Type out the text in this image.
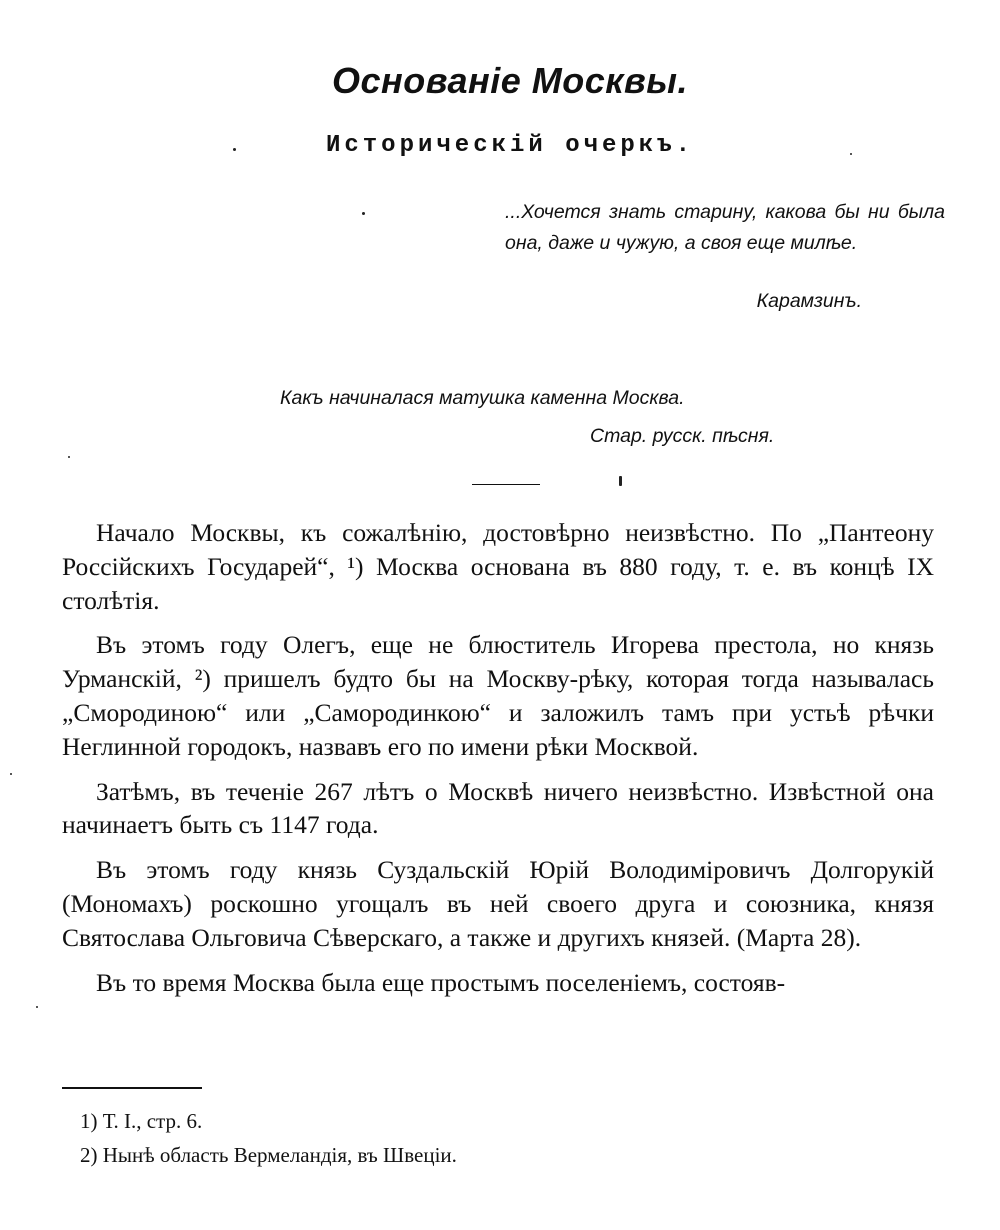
Основаніе Москвы.
Историческій очеркъ.
...Хочется знать старину, какова бы ни была она, даже и чужую, а своя еще милѣе.
Карамзинъ.
Какъ начиналася матушка каменна Москва.
Стар. русск. пѣсня.

Начало Москвы, къ сожалѣнію, достовѣрно неизвѣстно. По „Пантеону Россійскихъ Государей“, ¹) Москва основана въ 880 году, т. е. въ концѣ IX столѣтія.

Въ этомъ году Олегъ, еще не блюститель Игорева престола, но князь Урманскій, ²) пришелъ будто бы на Москву-рѣку, которая тогда называлась „Смородиною“ или „Самородинкою“ и заложилъ тамъ при устьѣ рѣчки Неглинной городокъ, назвавъ его по имени рѣки Москвой.

Затѣмъ, въ теченіе 267 лѣтъ о Москвѣ ничего неизвѣстно. Извѣстной она начинаетъ быть съ 1147 года.

Въ этомъ году князь Суздальскій Юрій Володиміровичъ Долгорукій (Мономахъ) роскошно угощалъ въ ней своего друга и союзника, князя Святослава Ольговича Сѣверскаго, а также и другихъ князей. (Марта 28).

Въ то время Москва была еще простымъ поселеніемъ, состояв-

1) Т. I., стр. 6.
2) Нынѣ область Вермеландія, въ Швеціи.
